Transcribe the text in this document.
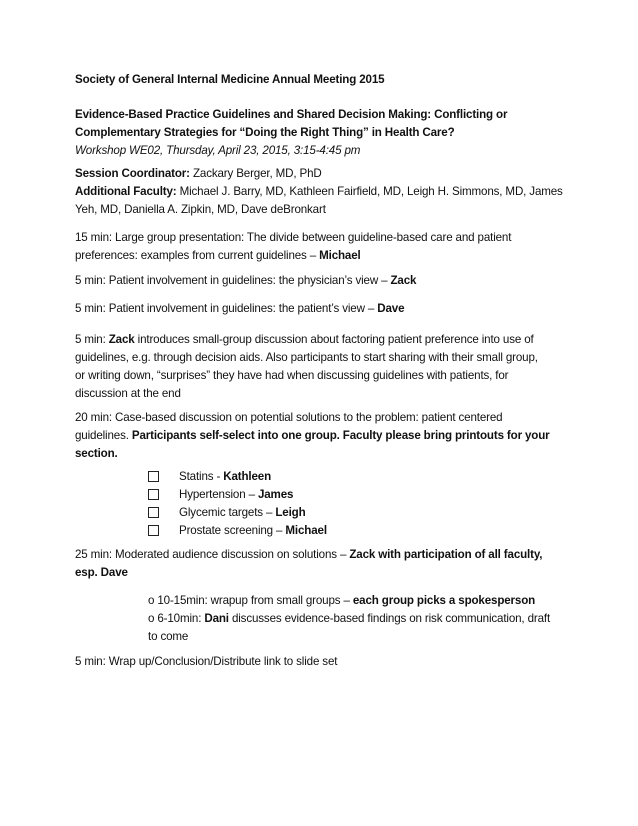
Society of General Internal Medicine Annual Meeting 2015
Evidence-Based Practice Guidelines and Shared Decision Making: Conflicting or
Complementary Strategies for “Doing the Right Thing” in Health Care?
Workshop WE02, Thursday, April 23, 2015, 3:15-4:45 pm
Session Coordinator: Zackary Berger, MD, PhD
Additional Faculty: Michael J. Barry, MD, Kathleen Fairfield, MD, Leigh H. Simmons, MD, James
Yeh, MD, Daniella A. Zipkin, MD, Dave deBronkart
15 min: Large group presentation: The divide between guideline-based care and patient
preferences: examples from current guidelines – Michael
5 min: Patient involvement in guidelines: the physician’s view – Zack
5 min: Patient involvement in guidelines: the patient’s view – Dave
5 min: Zack introduces small-group discussion about factoring patient preference into use of
guidelines, e.g. through decision aids. Also participants to start sharing with their small group,
or writing down, “surprises” they have had when discussing guidelines with patients, for
discussion at the end
20 min: Case-based discussion on potential solutions to the problem: patient centered
guidelines. Participants self-select into one group. Faculty please bring printouts for your
section.
Statins - Kathleen
Hypertension – James
Glycemic targets – Leigh
Prostate screening – Michael
25 min: Moderated audience discussion on solutions – Zack with participation of all faculty,
esp. Dave
o 10-15min: wrapup from small groups – each group picks a spokesperson
o 6-10min: Dani discusses evidence-based findings on risk communication, draft
to come
5 min: Wrap up/Conclusion/Distribute link to slide set
